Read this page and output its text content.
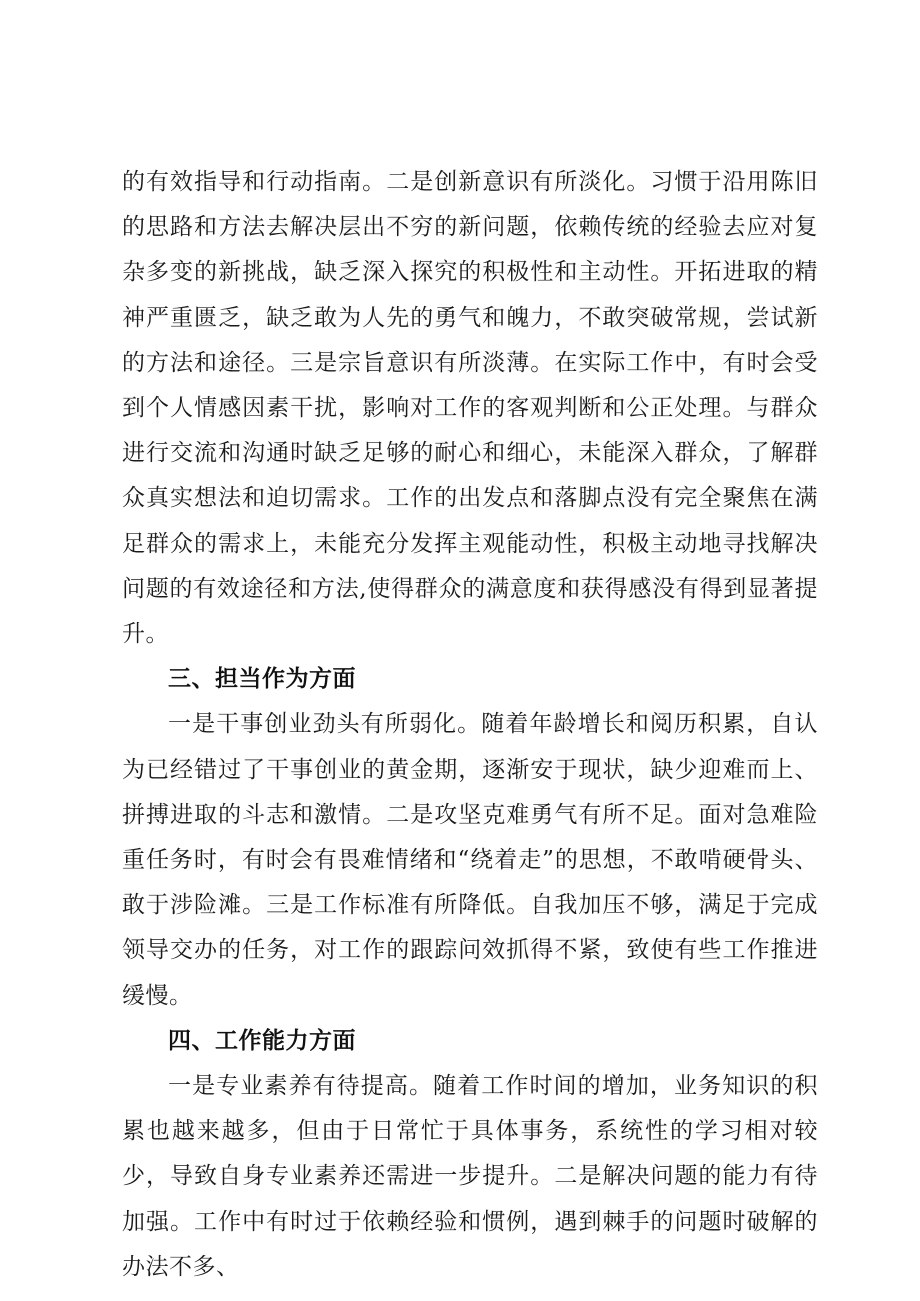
的有效指导和行动指南。二是创新意识有所淡化。习惯于沿用陈旧的思路和方法去解决层出不穷的新问题，依赖传统的经验去应对复杂多变的新挑战，缺乏深入探究的积极性和主动性。开拓进取的精神严重匮乏，缺乏敢为人先的勇气和魄力，不敢突破常规，尝试新的方法和途径。三是宗旨意识有所淡薄。在实际工作中，有时会受到个人情感因素干扰，影响对工作的客观判断和公正处理。与群众进行交流和沟通时缺乏足够的耐心和细心，未能深入群众，了解群众真实想法和迫切需求。工作的出发点和落脚点没有完全聚焦在满足群众的需求上，未能充分发挥主观能动性，积极主动地寻找解决问题的有效途径和方法,使得群众的满意度和获得感没有得到显著提升。

三、担当作为方面

一是干事创业劲头有所弱化。随着年龄增长和阅历积累，自认为已经错过了干事创业的黄金期，逐渐安于现状，缺少迎难而上、拼搏进取的斗志和激情。二是攻坚克难勇气有所不足。面对急难险重任务时，有时会有畏难情绪和“绕着走”的思想，不敢啃硬骨头、敢于涉险滩。三是工作标准有所降低。自我加压不够，满足于完成领导交办的任务，对工作的跟踪问效抓得不紧，致使有些工作推进缓慢。

四、工作能力方面

一是专业素养有待提高。随着工作时间的增加，业务知识的积累也越来越多，但由于日常忙于具体事务，系统性的学习相对较少，导致自身专业素养还需进一步提升。二是解决问题的能力有待加强。工作中有时过于依赖经验和惯例，遇到棘手的问题时破解的办法不多、
